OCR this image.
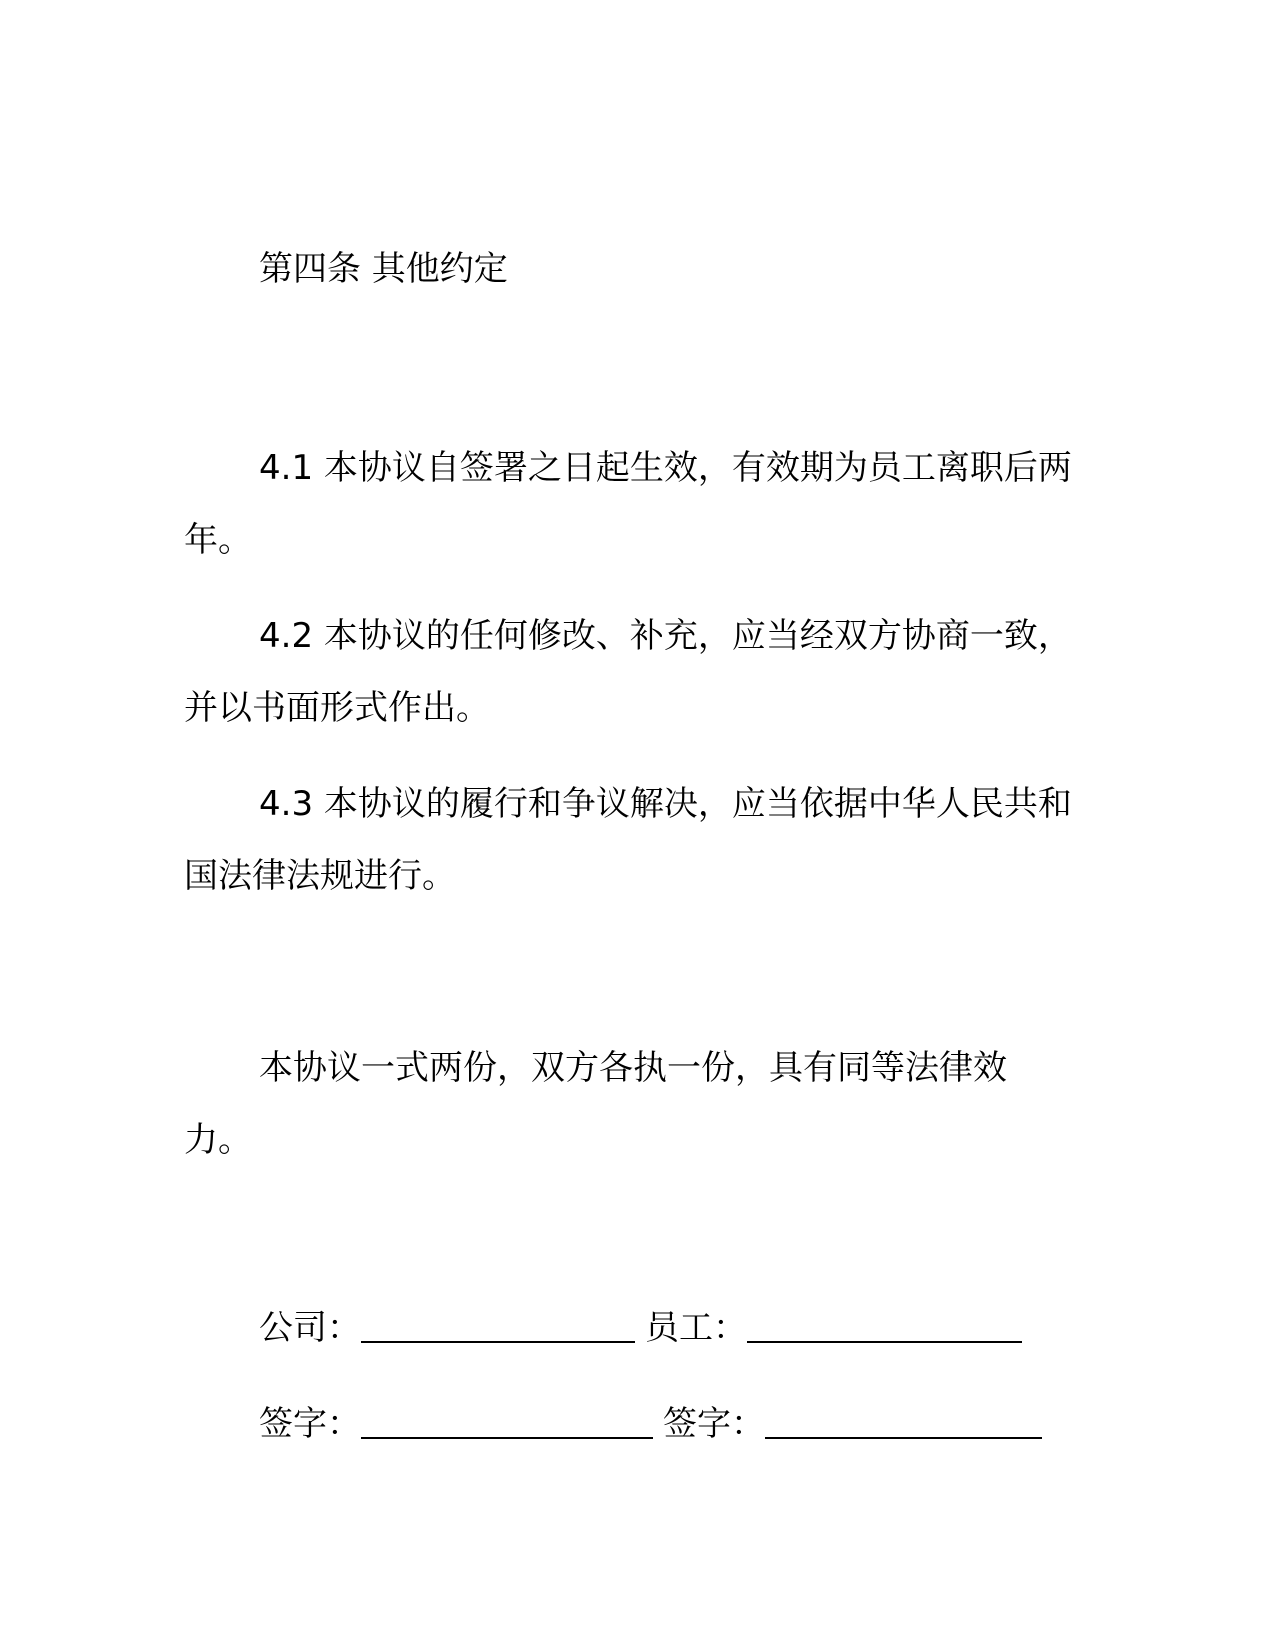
第四条 其他约定
4.1 本协议自签署之日起生效，有效期为员工离职后两年。
4.2 本协议的任何修改、补充，应当经双方协商一致，并以书面形式作出。
4.3 本协议的履行和争议解决，应当依据中华人民共和国法律法规进行。
本协议一式两份，双方各执一份，具有同等法律效力。
公司：	员工：
签字：	签字：
